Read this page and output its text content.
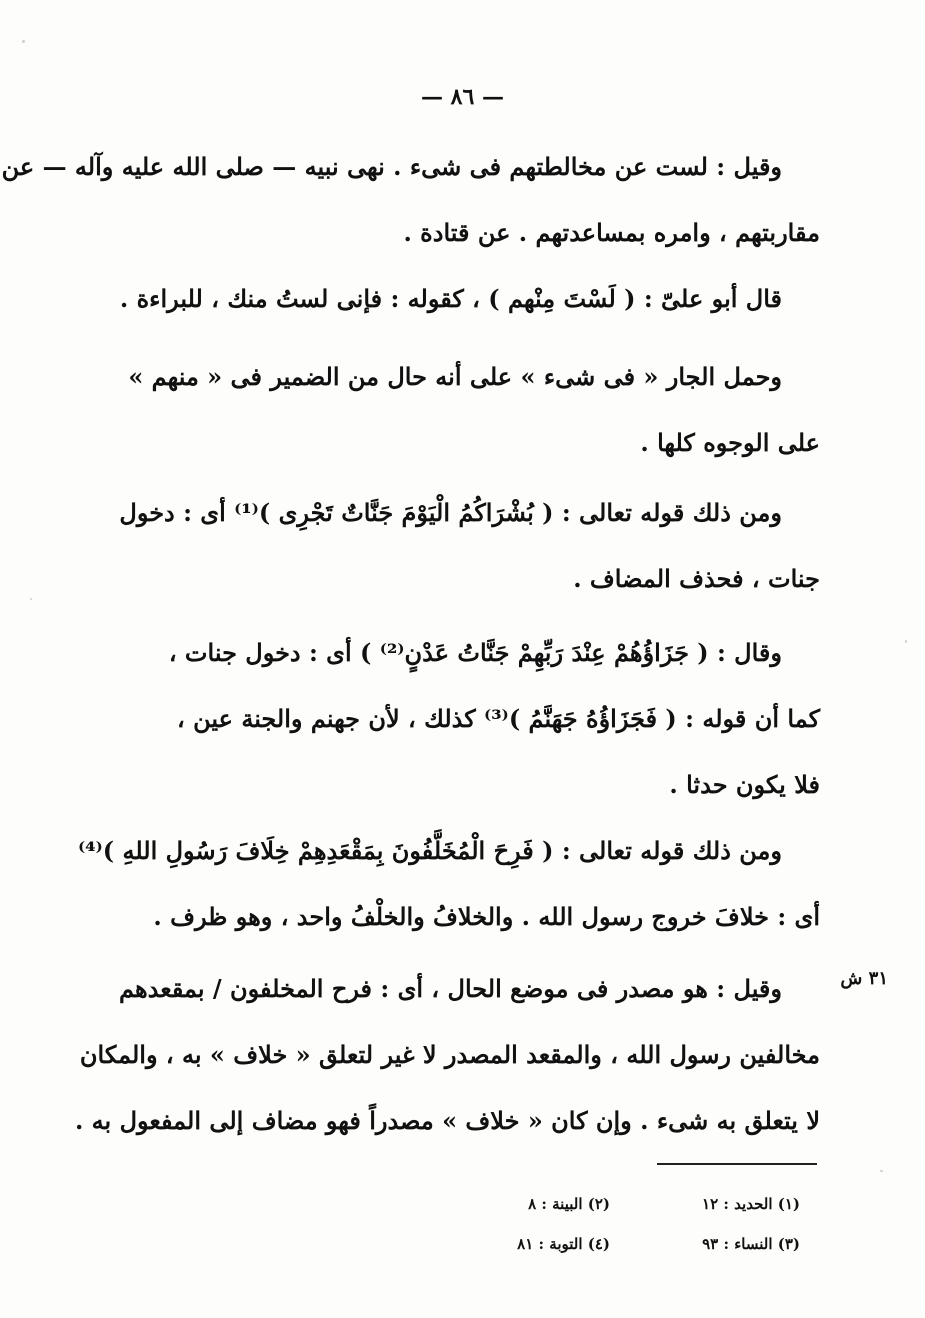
— ٨٦ —
وقيل : لست عن مخالطتهم فى شىء . نهى نبيه — صلى الله عليه وآله — عن
مقاربتهم ، وامره بمساعدتهم . عن قتادة .
قال أبو علىّ : ( لَسْتَ مِنْهم ) ، كقوله : فإنى لستُ منك ، للبراءة .
وحمل الجار « فى شىء » على أنه حال من الضمير فى « منهم »
على الوجوه كلها .
ومن ذلك قوله تعالى : ( بُشْرَاكُمُ الْيَوْمَ جَنَّاتٌ تَجْرِى )⁽¹⁾ أى : دخول
جنات ، فحذف المضاف .
وقال : ( جَزَاؤُهُمْ عِنْدَ رَبِّهِمْ جَنَّاتُ عَدْنٍ⁽²⁾ ) أى : دخول جنات ،
كما أن قوله : ( فَجَزَاؤُهُ جَهَنَّمُ )⁽³⁾ كذلك ، لأن جهنم والجنة عين ،
فلا يكون حدثا .
ومن ذلك قوله تعالى : ( فَرِحَ الْمُخَلَّفُونَ بِمَقْعَدِهِمْ خِلَافَ رَسُولِ اللهِ )⁽⁴⁾
أى : خلافَ خروج رسول الله . والخلافُ والخلْفُ واحد ، وهو ظرف .
وقيل : هو مصدر فى موضع الحال ، أى : فرح المخلفون / بمقعدهم
مخالفين رسول الله ، والمقعد المصدر لا غير لتعلق « خلاف » به ، والمكان
لا يتعلق به شىء . وإن كان « خلاف » مصدراً فهو مضاف إلى المفعول به .
٣١ ش
(١) الحديد : ١٢
(٢) البينة : ٨
(٣) النساء : ٩٣
(٤) التوبة : ٨١
